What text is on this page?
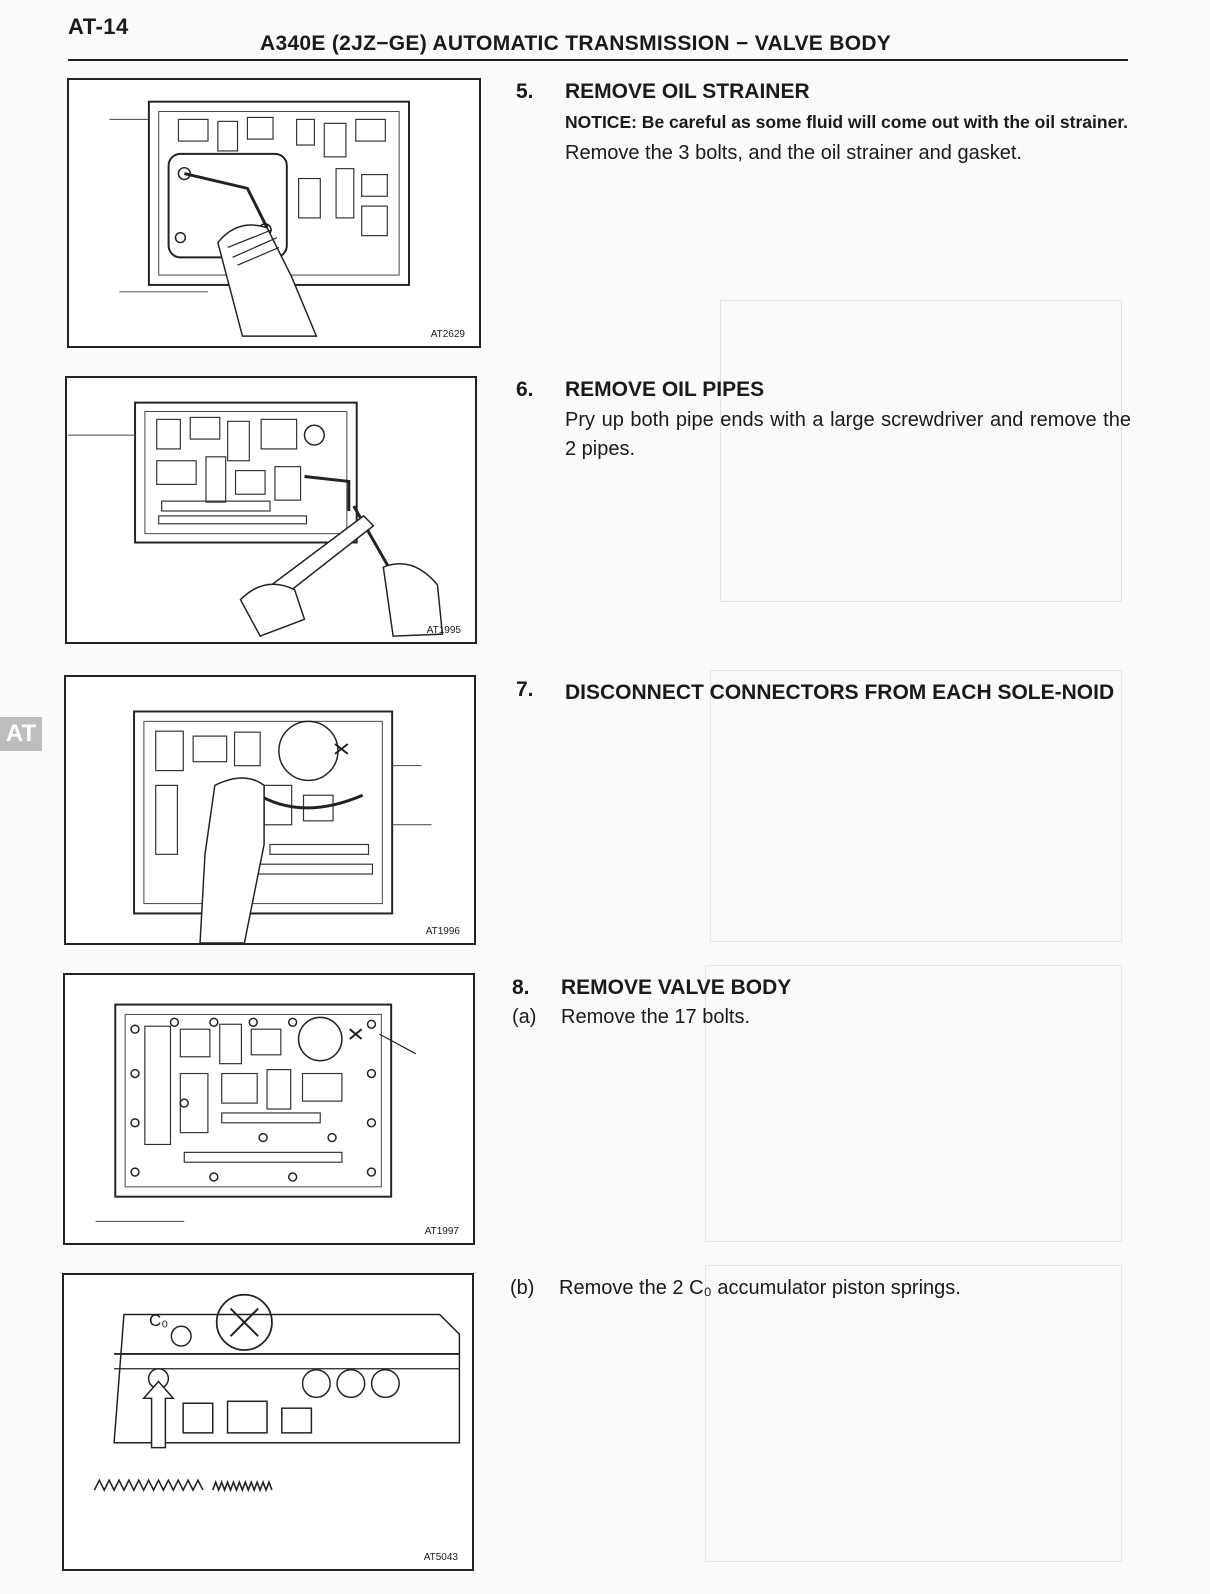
AT-14
A340E (2JZ−GE) AUTOMATIC TRANSMISSION − VALVE BODY
AT
AT2629
AT1995
AT1996
AT1997
C₀
AT5043
5.	REMOVE OIL STRAINER
NOTICE: Be careful as some fluid will come out with the oil strainer.
Remove the 3 bolts, and the oil strainer and gasket.
6.	REMOVE OIL PIPES
Pry up both pipe ends with a large screwdriver and remove the 2 pipes.
7.	DISCONNECT CONNECTORS FROM EACH SOLE-NOID
8.	REMOVE VALVE BODY
(a)	Remove the 17 bolts.
(b)	Remove the 2 C₀ accumulator piston springs.
